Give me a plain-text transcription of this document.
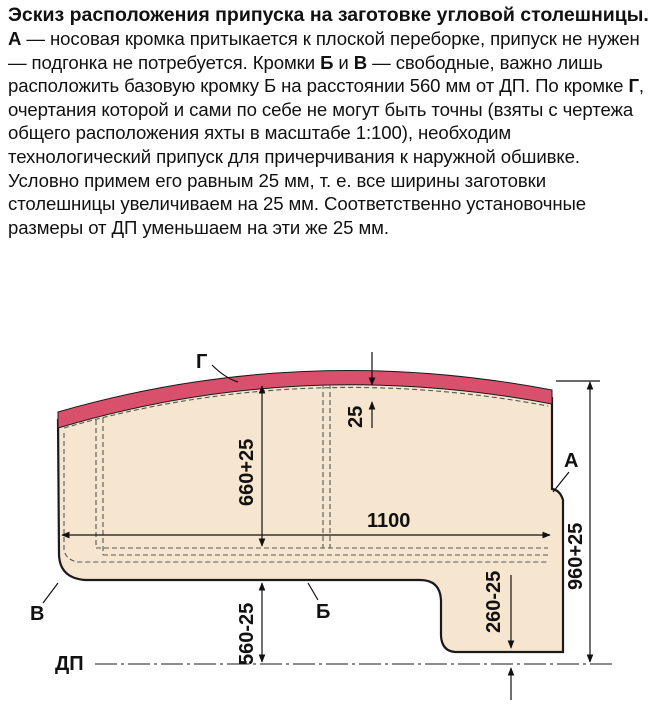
Эскиз расположения припуска на заготовке угловой столешницы.

А — носовая кромка притыкается к плоской переборке, припуск не нужен — подгонка не потребуется. Кромки Б и В — свободные, важно лишь расположить базовую кромку Б на расстоянии 560 мм от ДП. По кромке Г, очертания которой и сами по себе не могут быть точны (взяты с чертежа общего расположения яхты в масштабе 1:100), необходим технологический припуск для причерчивания к наружной обшивке. Условно примем его равным 25 мм, т. е. все ширины заготовки столешницы увеличиваем на 25 мм. Соответственно установочные размеры от ДП уменьшаем на эти же 25 мм.

Г
А
В	Б
ДП
1100
25
660+25
960+25
560-25
260-25
